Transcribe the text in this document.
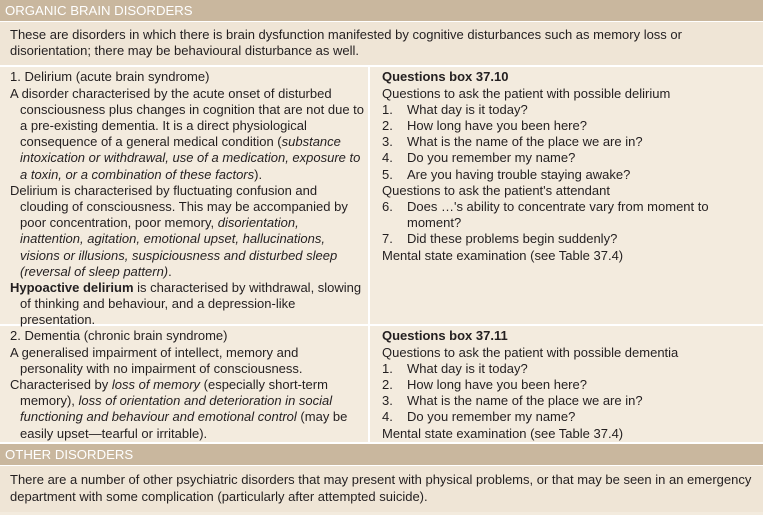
ORGANIC BRAIN DISORDERS
These are disorders in which there is brain dysfunction manifested by cognitive disturbances such as memory loss or disorientation; there may be behavioural disturbance as well.

1. Delirium (acute brain syndrome)

A disorder characterised by the acute onset of disturbed consciousness plus changes in cognition that are not due to a pre-existing dementia. It is a direct physiological consequence of a general medical condition (substance intoxication or withdrawal, use of a medication, exposure to a toxin, or a combination of these factors).

Delirium is characterised by fluctuating confusion and clouding of consciousness. This may be accompanied by poor concentration, poor memory, disorientation, inattention, agitation, emotional upset, hallucinations, visions or illusions, suspiciousness and disturbed sleep (reversal of sleep pattern).

Hypoactive delirium is characterised by withdrawal, slowing of thinking and behaviour, and a depression-like presentation.

Questions box 37.10

Questions to ask the patient with possible delirium

1.	What day is it today?
2.	How long have you been here?
3.	What is the name of the place we are in?
4.	Do you remember my name?
5.	Are you having trouble staying awake?

Questions to ask the patient's attendant

6.	Does …'s ability to concentrate vary from moment to moment?
7.	Did these problems begin suddenly?

Mental state examination (see Table 37.4)

2. Dementia (chronic brain syndrome)

A generalised impairment of intellect, memory and personality with no impairment of consciousness.

Characterised by loss of memory (especially short-term memory), loss of orientation and deterioration in social functioning and behaviour and emotional control (may be easily upset—tearful or irritable).

Questions box 37.11

Questions to ask the patient with possible dementia

1.	What day is it today?
2.	How long have you been here?
3.	What is the name of the place we are in?
4.	Do you remember my name?

Mental state examination (see Table 37.4)

OTHER DISORDERS
There are a number of other psychiatric disorders that may present with physical problems, or that may be seen in an emergency department with some complication (particularly after attempted suicide).
